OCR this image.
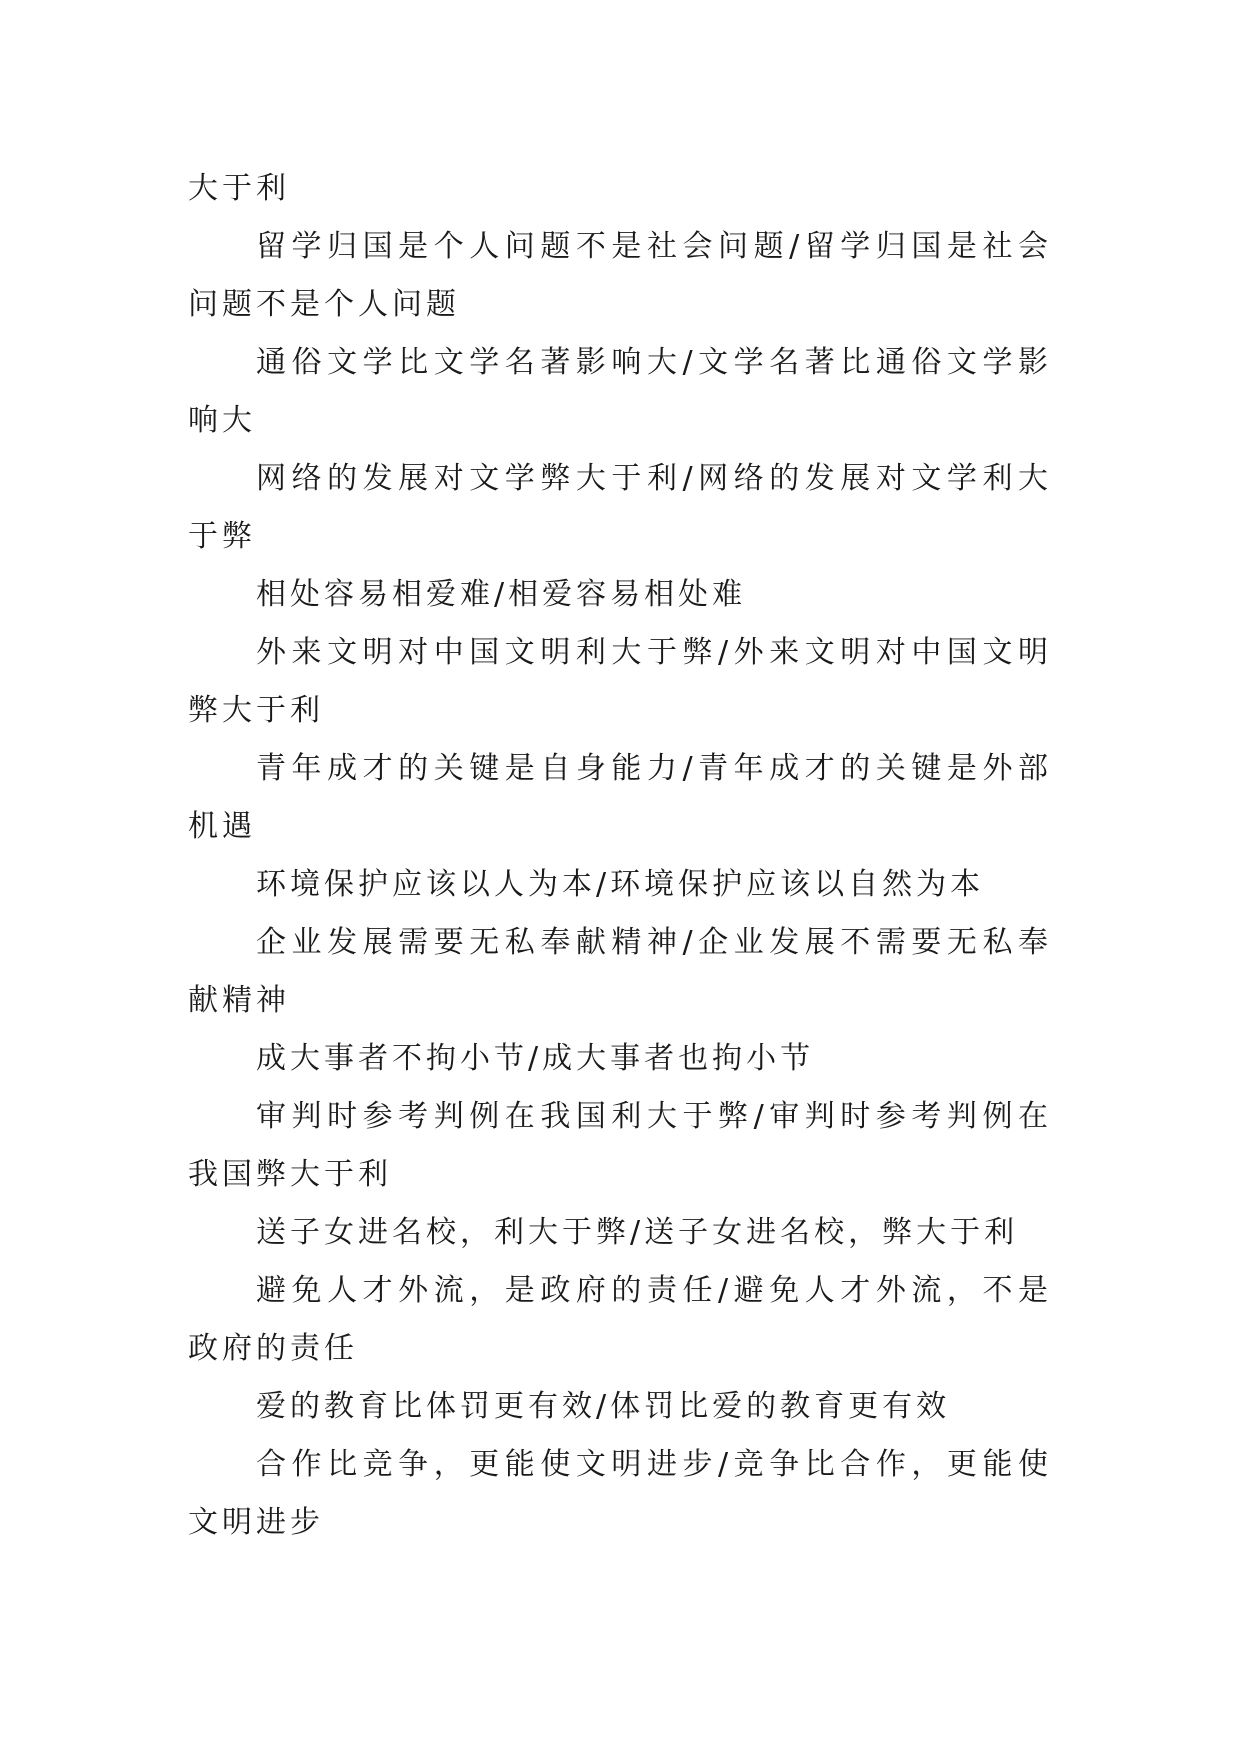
大于利

留学归国是个人问题不是社会问题/留学归国是社会问题不是个人问题

通俗文学比文学名著影响大/文学名著比通俗文学影响大

网络的发展对文学弊大于利/网络的发展对文学利大于弊

相处容易相爱难/相爱容易相处难

外来文明对中国文明利大于弊/外来文明对中国文明弊大于利

青年成才的关键是自身能力/青年成才的关键是外部机遇

环境保护应该以人为本/环境保护应该以自然为本

企业发展需要无私奉献精神/企业发展不需要无私奉献精神

成大事者不拘小节/成大事者也拘小节

审判时参考判例在我国利大于弊/审判时参考判例在我国弊大于利

送子女进名校，利大于弊/送子女进名校，弊大于利

避免人才外流，是政府的责任/避免人才外流，不是政府的责任

爱的教育比体罚更有效/体罚比爱的教育更有效

合作比竞争，更能使文明进步/竞争比合作，更能使文明进步
